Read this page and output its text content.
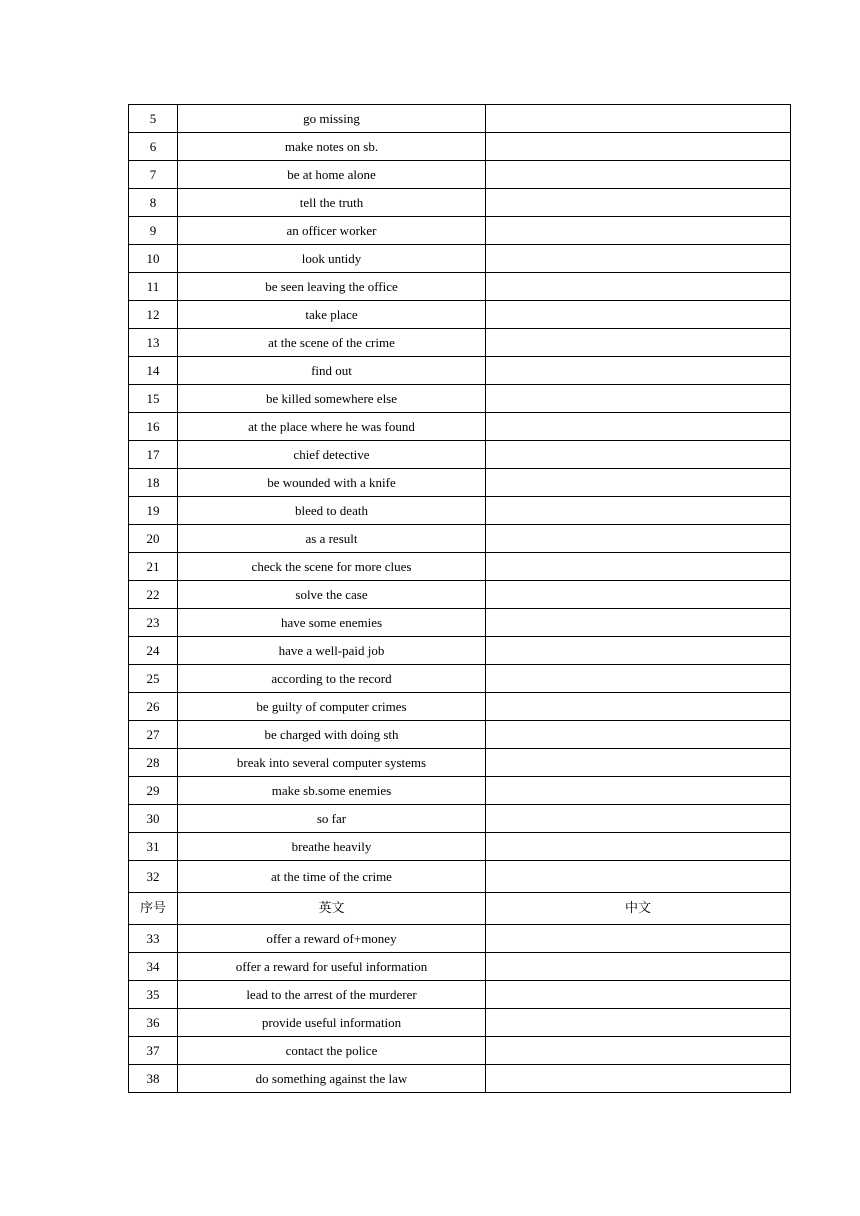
5	go missing	
6	make notes on sb.	
7	be at home alone	
8	tell the truth	
9	an officer worker	
10	look untidy	
11	be seen leaving the office	
12	take place	
13	at the scene of the crime	
14	find out	
15	be killed somewhere else	
16	at the place where he was found	
17	chief detective	
18	be wounded with a knife	
19	bleed to death	
20	as a result	
21	check the scene for more clues	
22	solve the case	
23	have some enemies	
24	have a well-paid job	
25	according to the record	
26	be guilty of computer crimes	
27	be charged with doing sth	
28	break into several computer systems	
29	make sb.some enemies	
30	so far	
31	breathe heavily	
32	at the time of the crime	
序号	英文	中文
33	offer a reward of+money	
34	offer a reward for useful information	
35	lead to the arrest of the murderer	
36	provide useful information	
37	contact the police	
38	do something against the law	
